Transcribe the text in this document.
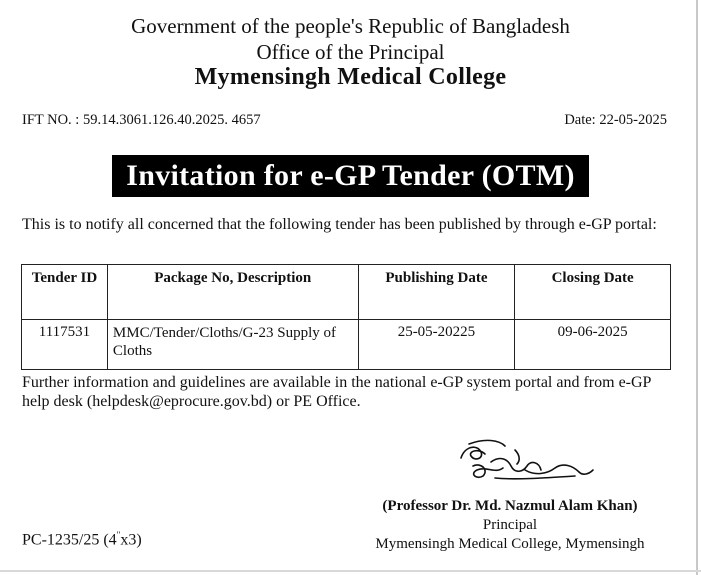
Government of the people's Republic of Bangladesh
Office of the Principal
Mymensingh Medical College
IFT NO. : 59.14.3061.126.40.2025. 4657	Date: 22-05-2025
Invitation for e-GP Tender (OTM)
This is to notify all concerned that the following tender has been published by through e-GP portal:
Tender ID	Package No, Description	Publishing Date	Closing Date
1117531	MMC/Tender/Cloths/G-23 Supply of Cloths	25-05-20225	09-06-2025
Further information and guidelines are available in the national e-GP system portal and from e-GP help desk (helpdesk@eprocure.gov.bd) or PE Office.
(Professor Dr. Md. Nazmul Alam Khan)
Principal
Mymensingh Medical College, Mymensingh
PC-1235/25 (4"x3)
